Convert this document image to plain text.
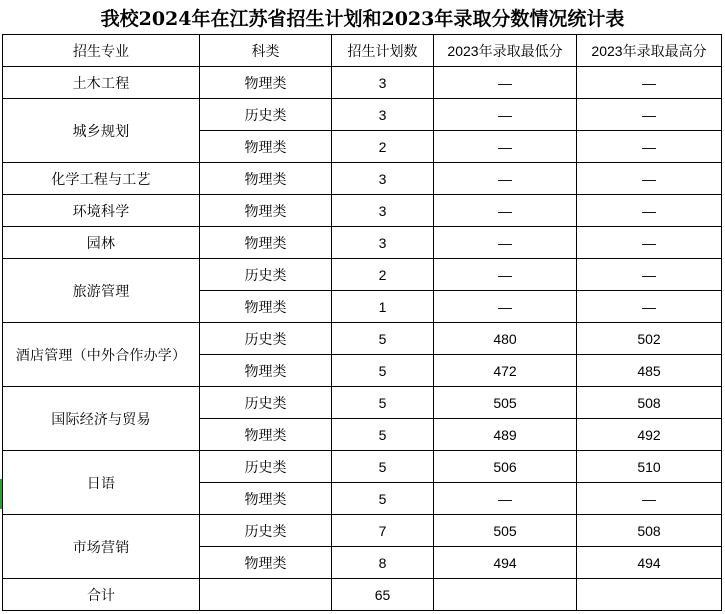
我校2024年在江苏省招生计划和2023年录取分数情况统计表
招生专业	科类	招生计划数	2023年录取最低分	2023年录取最高分
土木工程	物理类	3	—	—
城乡规划	历史类	3	—	—
	物理类	2	—	—
化学工程与工艺	物理类	3	—	—
环境科学	物理类	3	—	—
园林	物理类	3	—	—
旅游管理	历史类	2	—	—
	物理类	1	—	—
酒店管理（中外合作办学）	历史类	5	480	502
	物理类	5	472	485
国际经济与贸易	历史类	5	505	508
	物理类	5	489	492
日语	历史类	5	506	510
	物理类	5	—	—
市场营销	历史类	7	505	508
	物理类	8	494	494
合计		65		
